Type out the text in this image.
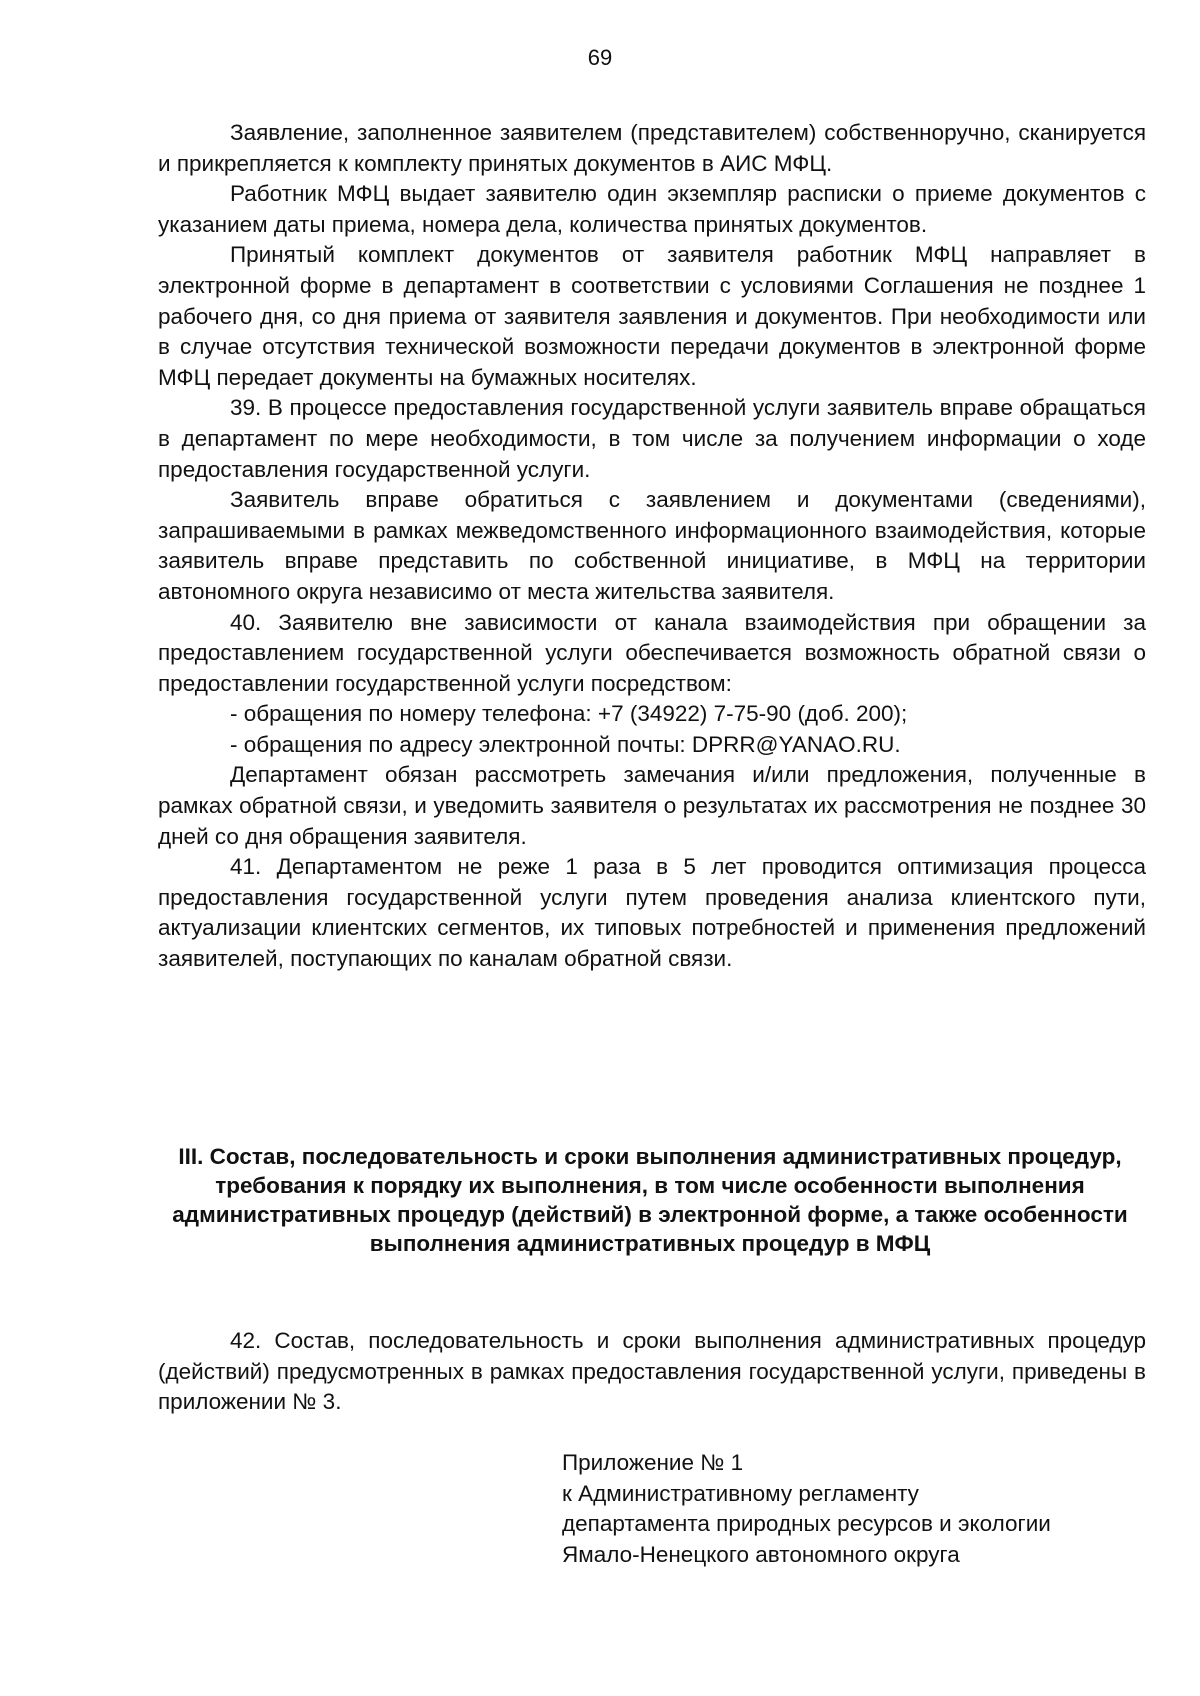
69

Заявление, заполненное заявителем (представителем) собственноручно, сканируется и прикрепляется к комплекту принятых документов в АИС МФЦ.

Работник МФЦ выдает заявителю один экземпляр расписки о приеме документов с указанием даты приема, номера дела, количества принятых документов.

Принятый комплект документов от заявителя работник МФЦ направляет в электронной форме в департамент в соответствии с условиями Соглашения не позднее 1 рабочего дня, со дня приема от заявителя заявления и документов. При необходимости или в случае отсутствия технической возможности передачи документов в электронной форме МФЦ передает документы на бумажных носителях.

39. В процессе предоставления государственной услуги заявитель вправе обращаться в департамент по мере необходимости, в том числе за получением информации о ходе предоставления государственной услуги.

Заявитель вправе обратиться с заявлением и документами (сведениями), запрашиваемыми в рамках межведомственного информационного взаимодействия, которые заявитель вправе представить по собственной инициативе, в МФЦ на территории автономного округа независимо от места жительства заявителя.

40. Заявителю вне зависимости от канала взаимодействия при обращении за предоставлением государственной услуги обеспечивается возможность обратной связи о предоставлении государственной услуги посредством:

- обращения по номеру телефона: +7 (34922) 7-75-90 (доб. 200);

- обращения по адресу электронной почты: DPRR@YANAO.RU.

Департамент обязан рассмотреть замечания и/или предложения, полученные в рамках обратной связи, и уведомить заявителя о результатах их рассмотрения не позднее 30 дней со дня обращения заявителя.

41. Департаментом не реже 1 раза в 5 лет проводится оптимизация процесса предоставления государственной услуги путем проведения анализа клиентского пути, актуализации клиентских сегментов, их типовых потребностей и применения предложений заявителей, поступающих по каналам обратной связи.

III. Состав, последовательность и сроки выполнения административных процедур, требования к порядку их выполнения, в том числе особенности выполнения административных процедур (действий) в электронной форме, а также особенности выполнения административных процедур в МФЦ

42. Состав, последовательность и сроки выполнения административных процедур (действий) предусмотренных в рамках предоставления государственной услуги, приведены в приложении № 3.

Приложение № 1
к Административному регламенту
департамента природных ресурсов и экологии
Ямало-Ненецкого автономного округа
